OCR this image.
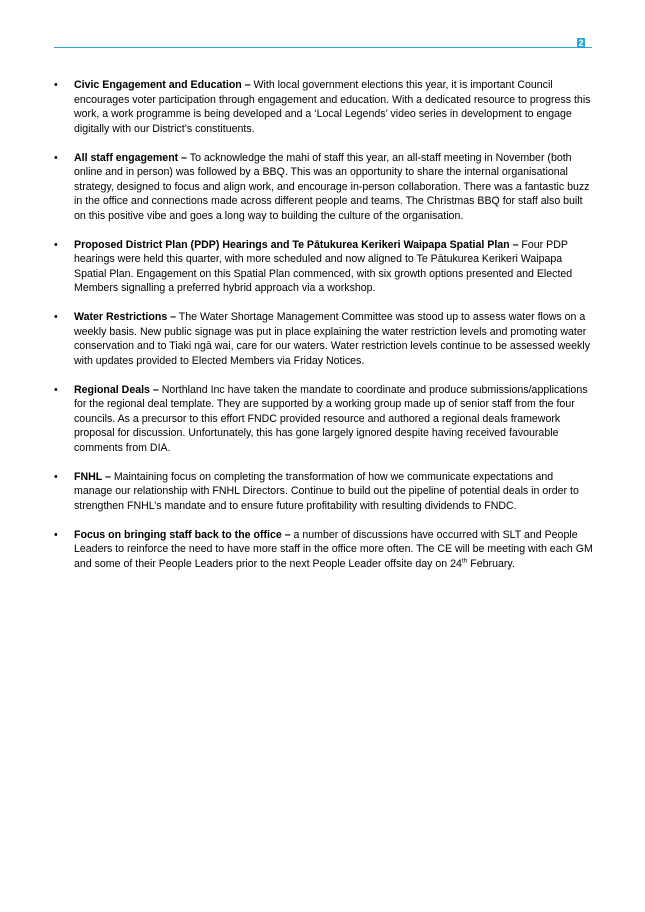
2
•	Civic Engagement and Education – With local government elections this year, it is important Council encourages voter participation through engagement and education. With a dedicated resource to progress this work, a work programme is being developed and a ‘Local Legends’ video series in development to engage digitally with our District’s constituents.
•	All staff engagement – To acknowledge the mahi of staff this year, an all-staff meeting in November (both online and in person) was followed by a BBQ. This was an opportunity to share the internal organisational strategy, designed to focus and align work, and encourage in-person collaboration. There was a fantastic buzz in the office and connections made across different people and teams. The Christmas BBQ for staff also built on this positive vibe and goes a long way to building the culture of the organisation.
•	Proposed District Plan (PDP) Hearings and Te Pātukurea Kerikeri Waipapa Spatial Plan – Four PDP hearings were held this quarter, with more scheduled and now aligned to Te Pātukurea Kerikeri Waipapa Spatial Plan. Engagement on this Spatial Plan commenced, with six growth options presented and Elected Members signalling a preferred hybrid approach via a workshop.
•	Water Restrictions – The Water Shortage Management Committee was stood up to assess water flows on a weekly basis. New public signage was put in place explaining the water restriction levels and promoting water conservation and to Tiaki ngā wai, care for our waters. Water restriction levels continue to be assessed weekly with updates provided to Elected Members via Friday Notices.
•	Regional Deals – Northland Inc have taken the mandate to coordinate and produce submissions/applications for the regional deal template. They are supported by a working group made up of senior staff from the four councils. As a precursor to this effort FNDC provided resource and authored a regional deals framework proposal for discussion. Unfortunately, this has gone largely ignored despite having received favourable comments from DIA.
•	FNHL – Maintaining focus on completing the transformation of how we communicate expectations and manage our relationship with FNHL Directors. Continue to build out the pipeline of potential deals in order to strengthen FNHL’s mandate and to ensure future profitability with resulting dividends to FNDC.
•	Focus on bringing staff back to the office – a number of discussions have occurred with SLT and People Leaders to reinforce the need to have more staff in the office more often. The CE will be meeting with each GM and some of their People Leaders prior to the next People Leader offsite day on 24th February.
